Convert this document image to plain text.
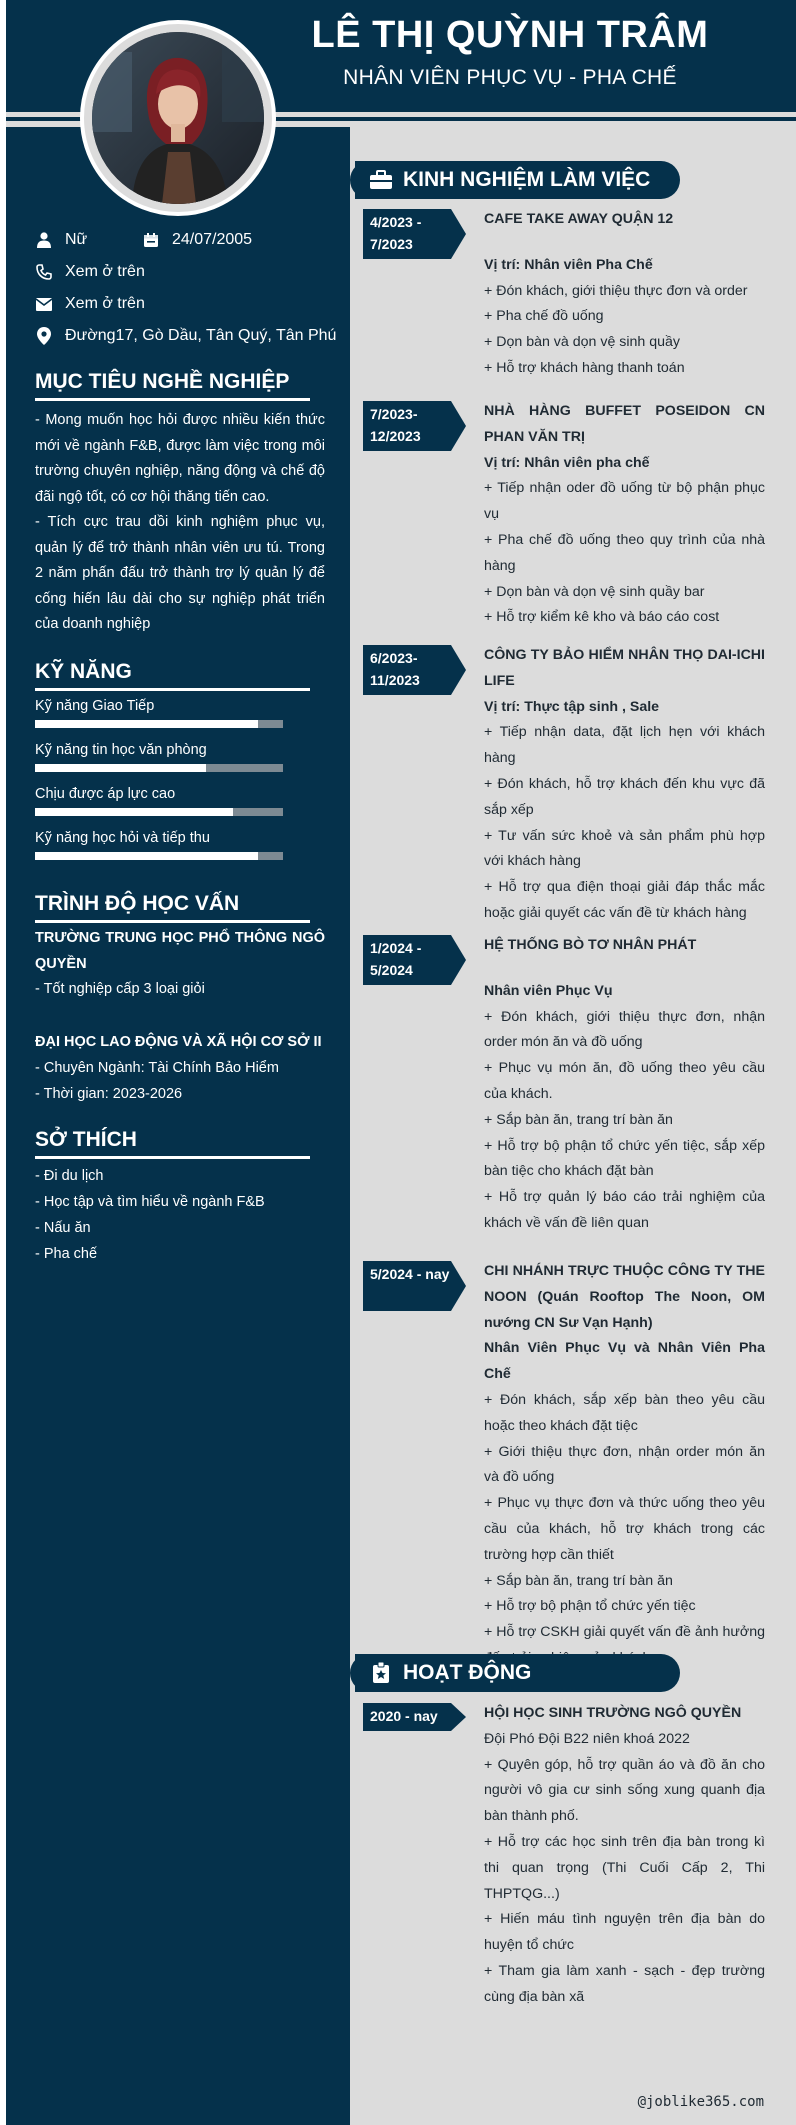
LÊ THỊ QUỲNH TRÂM
NHÂN VIÊN PHỤC VỤ - PHA CHẾ
Nữ	24/07/2005
Xem ở trên
Xem ở trên
Đường17, Gò Dầu, Tân Quý, Tân Phú
MỤC TIÊU NGHỀ NGHIỆP
- Mong muốn học hỏi được nhiều kiến thức mới về ngành F&B, được làm việc trong môi trường chuyên nghiệp, năng động và chế độ đãi ngộ tốt, có cơ hội thăng tiến cao.
- Tích cực trau dồi kinh nghiệm phục vụ, quản lý để trở thành nhân viên ưu tú. Trong 2 năm phấn đấu trở thành trợ lý quản lý để cống hiến lâu dài cho sự nghiệp phát triển của doanh nghiệp
KỸ NĂNG
Kỹ năng Giao Tiếp
Kỹ năng tin học văn phòng
Chịu được áp lực cao
Kỹ năng học hỏi và tiếp thu
TRÌNH ĐỘ HỌC VẤN
TRƯỜNG TRUNG HỌC PHỔ THÔNG NGÔ QUYỀN
- Tốt nghiệp cấp 3 loại giỏi
ĐẠI HỌC LAO ĐỘNG VÀ XÃ HỘI CƠ SỞ II
- Chuyên Ngành: Tài Chính Bảo Hiểm
- Thời gian: 2023-2026
SỞ THÍCH
- Đi du lịch
- Học tập và tìm hiểu về ngành F&B
- Nấu ăn
- Pha chế
KINH NGHIỆM LÀM VIỆC
4/2023 - 7/2023
CAFE TAKE AWAY QUẬN 12
Vị trí: Nhân viên Pha Chế
+ Đón khách, giới thiệu thực đơn và order
+ Pha chế đồ uống
+ Dọn bàn và dọn vệ sinh quầy
+ Hỗ trợ khách hàng thanh toán
7/2023- 12/2023
NHÀ HÀNG BUFFET POSEIDON CN PHAN VĂN TRỊ
Vị trí: Nhân viên pha chế
+ Tiếp nhận oder đồ uống từ bộ phận phục vụ
+ Pha chế đồ uống theo quy trình của nhà hàng
+ Dọn bàn và dọn vệ sinh quầy bar
+ Hỗ trợ kiểm kê kho và báo cáo cost
6/2023- 11/2023
CÔNG TY BẢO HIỂM NHÂN THỌ DAI-ICHI LIFE
Vị trí: Thực tập sinh , Sale
+ Tiếp nhận data, đặt lịch hẹn với khách hàng
+ Đón khách, hỗ trợ khách đến khu vực đã sắp xếp
+ Tư vấn sức khoẻ và sản phẩm phù hợp với khách hàng
+ Hỗ trợ qua điện thoại giải đáp thắc mắc hoặc giải quyết các vấn đề từ khách hàng
1/2024 - 5/2024
HỆ THỐNG BÒ TƠ NHÂN PHÁT
Nhân viên Phục Vụ
+ Đón khách, giới thiệu thực đơn, nhận order món ăn và đồ uống
+ Phục vụ món ăn, đồ uống theo yêu cầu của khách.
+ Sắp bàn ăn, trang trí bàn ăn
+ Hỗ trợ bộ phận tổ chức yến tiệc, sắp xếp bàn tiệc cho khách đặt bàn
+ Hỗ trợ quản lý báo cáo trải nghiệm của khách về vấn đề liên quan
5/2024 - nay	CHI NHÁNH TRỰC THUỘC CÔNG TY THE NOON (Quán Rooftop The Noon, OM nướng CN Sư Vạn Hạnh)
Nhân Viên Phục Vụ và Nhân Viên Pha Chế
+ Đón khách, sắp xếp bàn theo yêu cầu hoặc theo khách đặt tiệc
+ Giới thiệu thực đơn, nhận order món ăn và đồ uống
+ Phục vụ thực đơn và thức uống theo yêu cầu của khách, hỗ trợ khách trong các trường hợp cần thiết
+ Sắp bàn ăn, trang trí bàn ăn
+ Hỗ trợ bộ phận tổ chức yến tiệc
+ Hỗ trợ CSKH giải quyết vấn đề ảnh hưởng
HOẠT ĐỘNG
2020 - nay	HỘI HỌC SINH TRƯỜNG NGÔ QUYỀN
Đội Phó Đội B22 niên khoá 2022
+ Quyên góp, hỗ trợ quần áo và đồ ăn cho người vô gia cư sinh sống xung quanh địa bàn thành phố.
+ Hỗ trợ các học sinh trên địa bàn trong kì thi quan trọng (Thi Cuối Cấp 2, Thi THPTQG...)
+ Hiến máu tình nguyện trên địa bàn do huyện tổ chức
+ Tham gia làm xanh - sạch - đẹp trường cùng địa bàn xã
@joblike365.com
